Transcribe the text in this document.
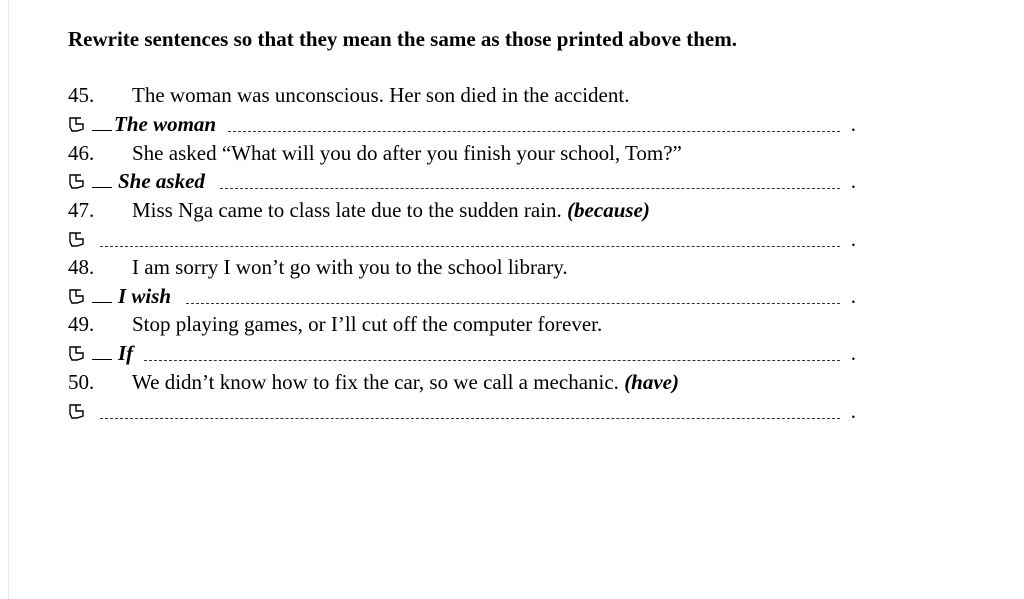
Rewrite sentences so that they mean the same as those printed above them.
45. The woman was unconscious. Her son died in the accident.
The woman	.
46. She asked “What will you do after you finish your school, Tom?”
She asked	.
47. Miss Nga came to class late due to the sudden rain. (because)
.
48. I am sorry I won’t go with you to the school library.
I wish	.
49. Stop playing games, or I’ll cut off the computer forever.
If	.
50. We didn’t know how to fix the car, so we call a mechanic. (have)
.
